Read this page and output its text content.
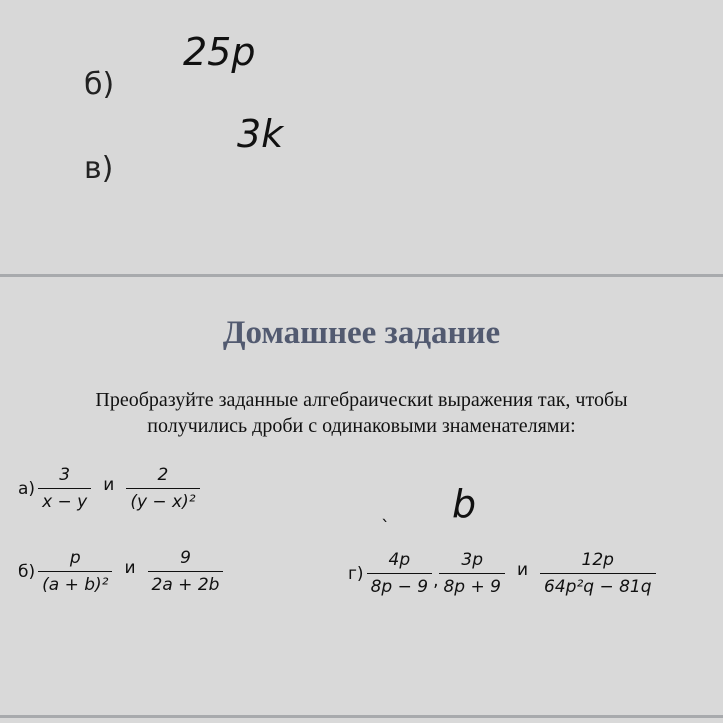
25p
3k
б)
в)
Домашнее задание
Преобразуйте заданные алгебраическиt выражения так, чтобы
получились дроби с одинаковыми знаменателями:
$а) \frac{3}{x - y}$ и $\frac{2}{\text{(y − x)²}}$
$б) \frac{p}{\text{(a + b)²}}$ и $\frac{9}{2a + 2b}$
b
ˋ
$г) \frac{4p}{8p - 9}$ , $\frac{3p}{8p + 9}$ и $\frac{12p}{\text{64p²q − 81q}}$
